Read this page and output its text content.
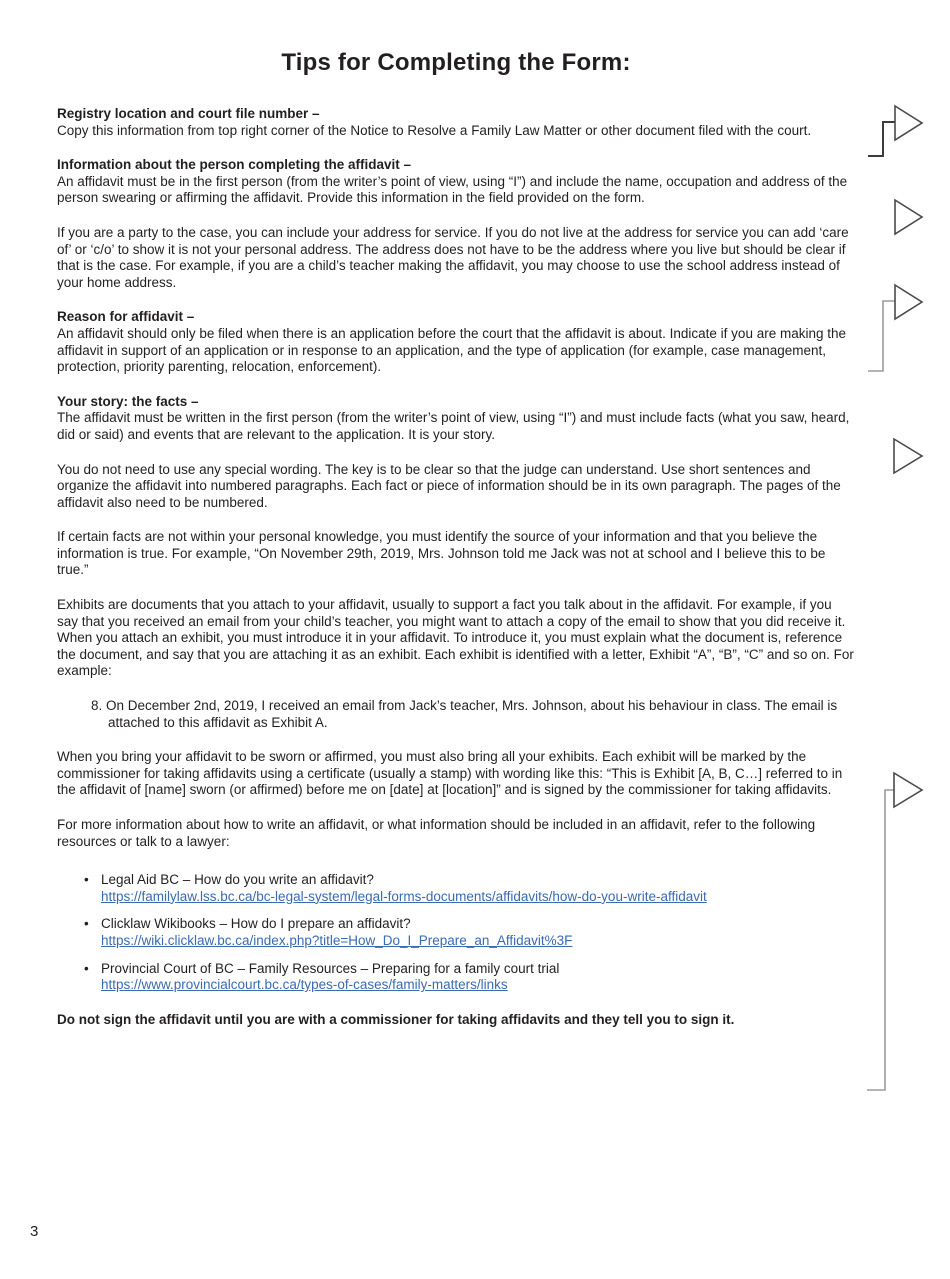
Tips for Completing the Form:
Registry location and court file number –

Copy this information from top right corner of the Notice to Resolve a Family Law Matter or other document filed with the court.

Information about the person completing the affidavit –

An affidavit must be in the first person (from the writer’s point of view, using “I”) and include the name, occupation and address of the person swearing or affirming the affidavit. Provide this information in the field provided on the form.

If you are a party to the case, you can include your address for service. If you do not live at the address for service you can add ‘care of’ or ‘c/o’ to show it is not your personal address. The address does not have to be the address where you live but should be clear if that is the case. For example, if you are a child’s teacher making the affidavit, you may choose to use the school address instead of your home address.

Reason for affidavit –

An affidavit should only be filed when there is an application before the court that the affidavit is about. Indicate if you are making the affidavit in support of an application or in response to an application, and the type of application (for example, case management, protection, priority parenting, relocation, enforcement).

Your story: the facts –

The affidavit must be written in the first person (from the writer’s point of view, using “I”) and must include facts (what you saw, heard, did or said) and events that are relevant to the application. It is your story.

You do not need to use any special wording. The key is to be clear so that the judge can understand. Use short sentences and organize the affidavit into numbered paragraphs. Each fact or piece of information should be in its own paragraph. The pages of the affidavit also need to be numbered.

If certain facts are not within your personal knowledge, you must identify the source of your information and that you believe the information is true. For example, “On November 29th, 2019, Mrs. Johnson told me Jack was not at school and I believe this to be true.”

Exhibits are documents that you attach to your affidavit, usually to support a fact you talk about in the affidavit. For example, if you say that you received an email from your child’s teacher, you might want to attach a copy of the email to show that you did receive it. When you attach an exhibit, you must introduce it in your affidavit. To introduce it, you must explain what the document is, reference the document, and say that you are attaching it as an exhibit. Each exhibit is identified with a letter, Exhibit “A”, “B”, “C” and so on. For example:

8. On December 2nd, 2019, I received an email from Jack’s teacher, Mrs. Johnson, about his behaviour in class. The email is attached to this affidavit as Exhibit A.

When you bring your affidavit to be sworn or affirmed, you must also bring all your exhibits. Each exhibit will be marked by the commissioner for taking affidavits using a certificate (usually a stamp) with wording like this: “This is Exhibit [A, B, C…] referred to in the affidavit of [name] sworn (or affirmed) before me on [date] at [location]” and is signed by the commissioner for taking affidavits.

For more information about how to write an affidavit, or what information should be included in an affidavit, refer to the following resources or talk to a lawyer:

• Legal Aid BC – How do you write an affidavit?
https://familylaw.lss.bc.ca/bc-legal-system/legal-forms-documents/affidavits/how-do-you-write-affidavit
• Clicklaw Wikibooks – How do I prepare an affidavit?
https://wiki.clicklaw.bc.ca/index.php?title=How_Do_I_Prepare_an_Affidavit%3F
• Provincial Court of BC – Family Resources – Preparing for a family court trial
https://www.provincialcourt.bc.ca/types-of-cases/family-matters/links

Do not sign the affidavit until you are with a commissioner for taking affidavits and they tell you to sign it.

3
